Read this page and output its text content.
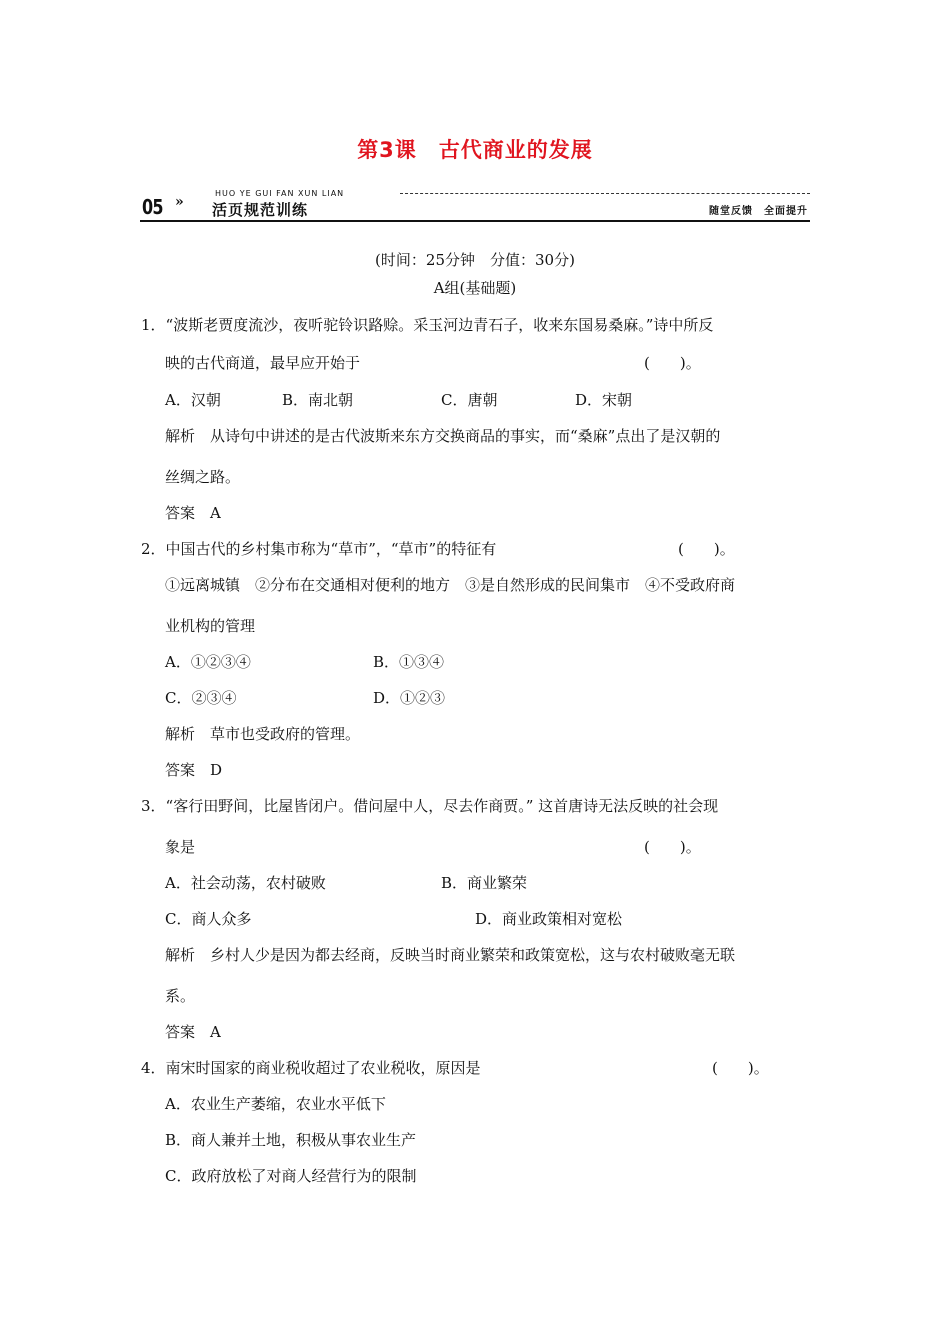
第3课　古代商业的发展
05 »
HUO YE GUI FAN XUN LIAN
活页规范训练	随堂反馈　全面提升
(时间：25分钟　分值：30分)
A组(基础题)
1．“波斯老贾度流沙，夜听驼铃识路赊。采玉河边青石子，收来东国易桑麻。”诗中所反
映的古代商道，最早应开始于	(　　)。
A．汉朝	B．南北朝	C．唐朝	D．宋朝
解析　从诗句中讲述的是古代波斯来东方交换商品的事实，而“桑麻”点出了是汉朝的
丝绸之路。
答案　A
2．中国古代的乡村集市称为“草市”，“草市”的特征有	(　　)。
①远离城镇　②分布在交通相对便利的地方　③是自然形成的民间集市　④不受政府商
业机构的管理
A．①②③④	B．①③④
C．②③④	D．①②③
解析　草市也受政府的管理。
答案　D
3．“客行田野间，比屋皆闭户。借问屋中人，尽去作商贾。” 这首唐诗无法反映的社会现
象是	(　　)。
A．社会动荡，农村破败	B．商业繁荣
C．商人众多	D．商业政策相对宽松
解析　乡村人少是因为都去经商，反映当时商业繁荣和政策宽松，这与农村破败毫无联
系。
答案　A
4．南宋时国家的商业税收超过了农业税收，原因是	(　　)。
A．农业生产萎缩，农业水平低下
B．商人兼并土地，积极从事农业生产
C．政府放松了对商人经营行为的限制
